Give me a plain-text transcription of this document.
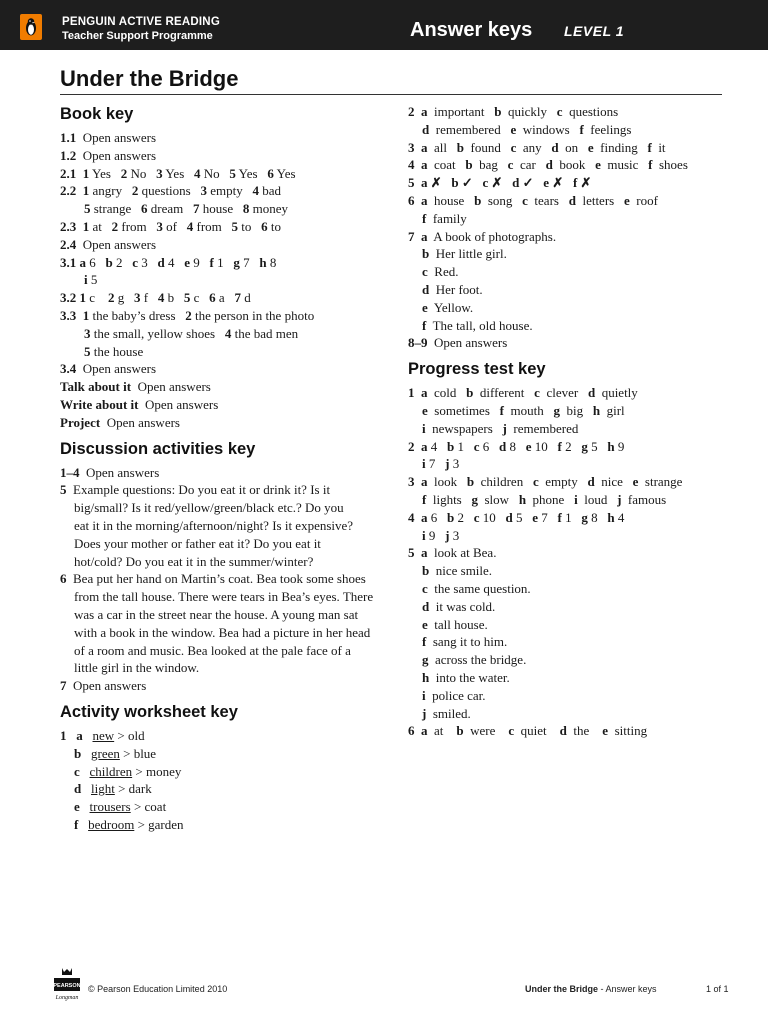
PENGUIN ACTIVE READING
Teacher Support Programme	Answer keys LEVEL 1
Under the Bridge
Book key
1.1 Open answers
1.2 Open answers
2.1 1 Yes   2 No   3 Yes   4 No   5 Yes   6 Yes
2.2 1 angry   2 questions   3 empty   4 bad
5 strange   6 dream   7 house   8 money
2.3 1 at   2 from   3 of   4 from   5 to   6 to
2.4 Open answers
3.1 a 6   b 2   c 3   d 4   e 9   f 1   g 7   h 8
i 5
3.2 1 c    2 g   3 f   4 b   5 c   6 a   7 d
3.3 1 the baby’s dress   2 the person in the photo
3 the small, yellow shoes   4 the bad men
5 the house
3.4 Open answers
Talk about it Open answers
Write about it Open answers
Project Open answers
Discussion activities key
1–4 Open answers
5 Example questions: Do you eat it or drink it? Is it big/small? Is it red/yellow/green/black etc.? Do you eat it in the morning/afternoon/night? Is it expensive? Does your mother or father eat it? Do you eat it hot/cold? Do you eat it in the summer/winter?
6 Bea put her hand on Martin’s coat. Bea took some shoes from the tall house. There were tears in Bea’s eyes. There was a car in the street near the house. A young man sat with a book in the window. Bea had a picture in her head of a room and music. Bea looked at the pale face of a little girl in the window.
7 Open answers
Activity worksheet key
1 a new > old
b green > blue
c children > money
d light > dark
e trousers > coat
f bedroom > garden
2 a  important   b  quickly   c  questions
d  remembered   e  windows   f  feelings
3 a  all   b  found   c  any   d  on   e  finding   f  it
4 a  coat   b  bag   c  car   d  book   e  music   f  shoes
5  a ✗   b ✓   c ✗   d ✓   e ✗   f ✗
6 a  house   b  song   c  tears   d  letters   e  roof
f  family
7 a A book of photographs.
b Her little girl.
c Red.
d Her foot.
e Yellow.
f The tall, old house.
8–9 Open answers
Progress test key
1 a  cold   b  different   c  clever   d  quietly
e  sometimes   f  mouth   g  big   h  girl
i  newspapers   j  remembered
2 a 4   b 1   c 6   d 8   e 10   f 2   g 5   h 9
i 7   j 3
3 a  look   b  children   c  empty   d  nice   e  strange
f  lights   g  slow   h  phone   i  loud   j  famous
4 a 6   b 2   c 10   d 5   e 7   f 1   g 8   h 4
i 9   j 3
5 a look at Bea.
b nice smile.
c the same question.
d it was cold.
e tall house.
f sang it to him.
g across the bridge.
h into the water.
i police car.
j smiled.
6 a  at    b  were    c  quiet    d  the    e  sitting
PEARSON
Longman
© Pearson Education Limited 2010	Under the Bridge - Answer keys	1 of 1
